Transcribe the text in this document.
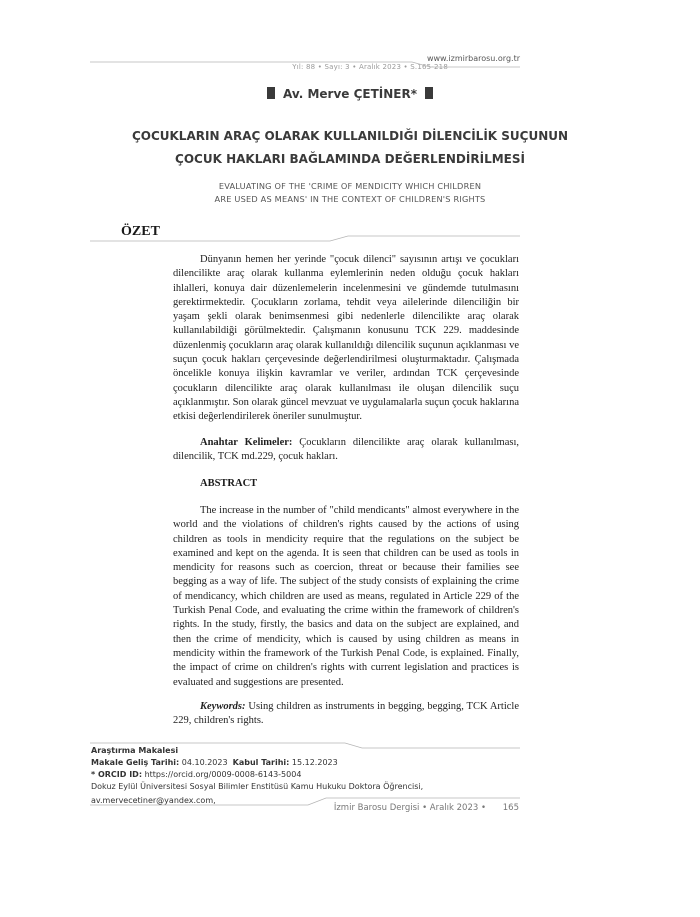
www.izmirbarosu.org.tr
Yıl: 88 • Sayı: 3 • Aralık 2023 • S.165-218
Av. Merve ÇETİNER*
ÇOCUKLARIN ARAÇ OLARAK KULLANILDIĞI DİLENCİLİK SUÇUNUN
ÇOCUK HAKLARI BAĞLAMINDA DEĞERLENDİRİLMESİ
EVALUATING OF THE 'CRIME OF MENDICITY WHICH CHILDREN
ARE USED AS MEANS' IN THE CONTEXT OF CHILDREN'S RIGHTS
ÖZET
Dünyanın hemen her yerinde "çocuk dilenci" sayısının artışı ve çocukları dilencilikte araç olarak kullanma eylemlerinin neden olduğu çocuk hakları ihlalleri, konuya dair düzenlemelerin incelenmesini ve gündemde tutulmasını gerektirmektedir. Çocukların zorlama, tehdit veya ailelerinde dilenciliğin bir yaşam şekli olarak benimsenmesi gibi nedenlerle dilencilikte araç olarak kullanılabildiği görülmektedir. Çalışmanın konusunu TCK 229. maddesinde düzenlenmiş çocukların araç olarak kullanıldığı dilencilik suçunun açıklanması ve suçun çocuk hakları çerçevesinde değerlendirilmesi oluşturmaktadır. Çalışmada öncelikle konuya ilişkin kavramlar ve veriler, ardından TCK çerçevesinde çocukların dilencilikte araç olarak kullanılması ile oluşan dilencilik suçu açıklanmıştır. Son olarak güncel mevzuat ve uygulamalarla suçun çocuk haklarına etkisi değerlendirilerek öneriler sunulmuştur.
Anahtar Kelimeler: Çocukların dilencilikte araç olarak kullanılması, dilencilik, TCK md.229, çocuk hakları.
ABSTRACT
The increase in the number of "child mendicants" almost everywhere in the world and the violations of children's rights caused by the actions of using children as tools in mendicity require that the regulations on the subject be examined and kept on the agenda. It is seen that children can be used as tools in mendicity for reasons such as coercion, threat or because their families see begging as a way of life. The subject of the study consists of explaining the crime of mendicancy, which children are used as means, regulated in Article 229 of the Turkish Penal Code, and evaluating the crime within the framework of children's rights. In the study, firstly, the basics and data on the subject are explained, and then the crime of mendicity, which is caused by using children as means in mendicity within the framework of the Turkish Penal Code, is explained. Finally, the impact of crime on children's rights with current legislation and practices is evaluated and suggestions are presented.
Keywords: Using children as instruments in begging, begging, TCK Article 229, children's rights.
Araştırma Makalesi
Makale Geliş Tarihi: 04.10.2023 Kabul Tarihi: 15.12.2023
* ORCID ID: https://orcid.org/0009-0008-6143-5004
Dokuz Eylül Üniversitesi Sosyal Bilimler Enstitüsü Kamu Hukuku Doktora Öğrencisi,
av.mervecetiner@yandex.com,
İzmir Barosu Dergisi • Aralık 2023 • 165
